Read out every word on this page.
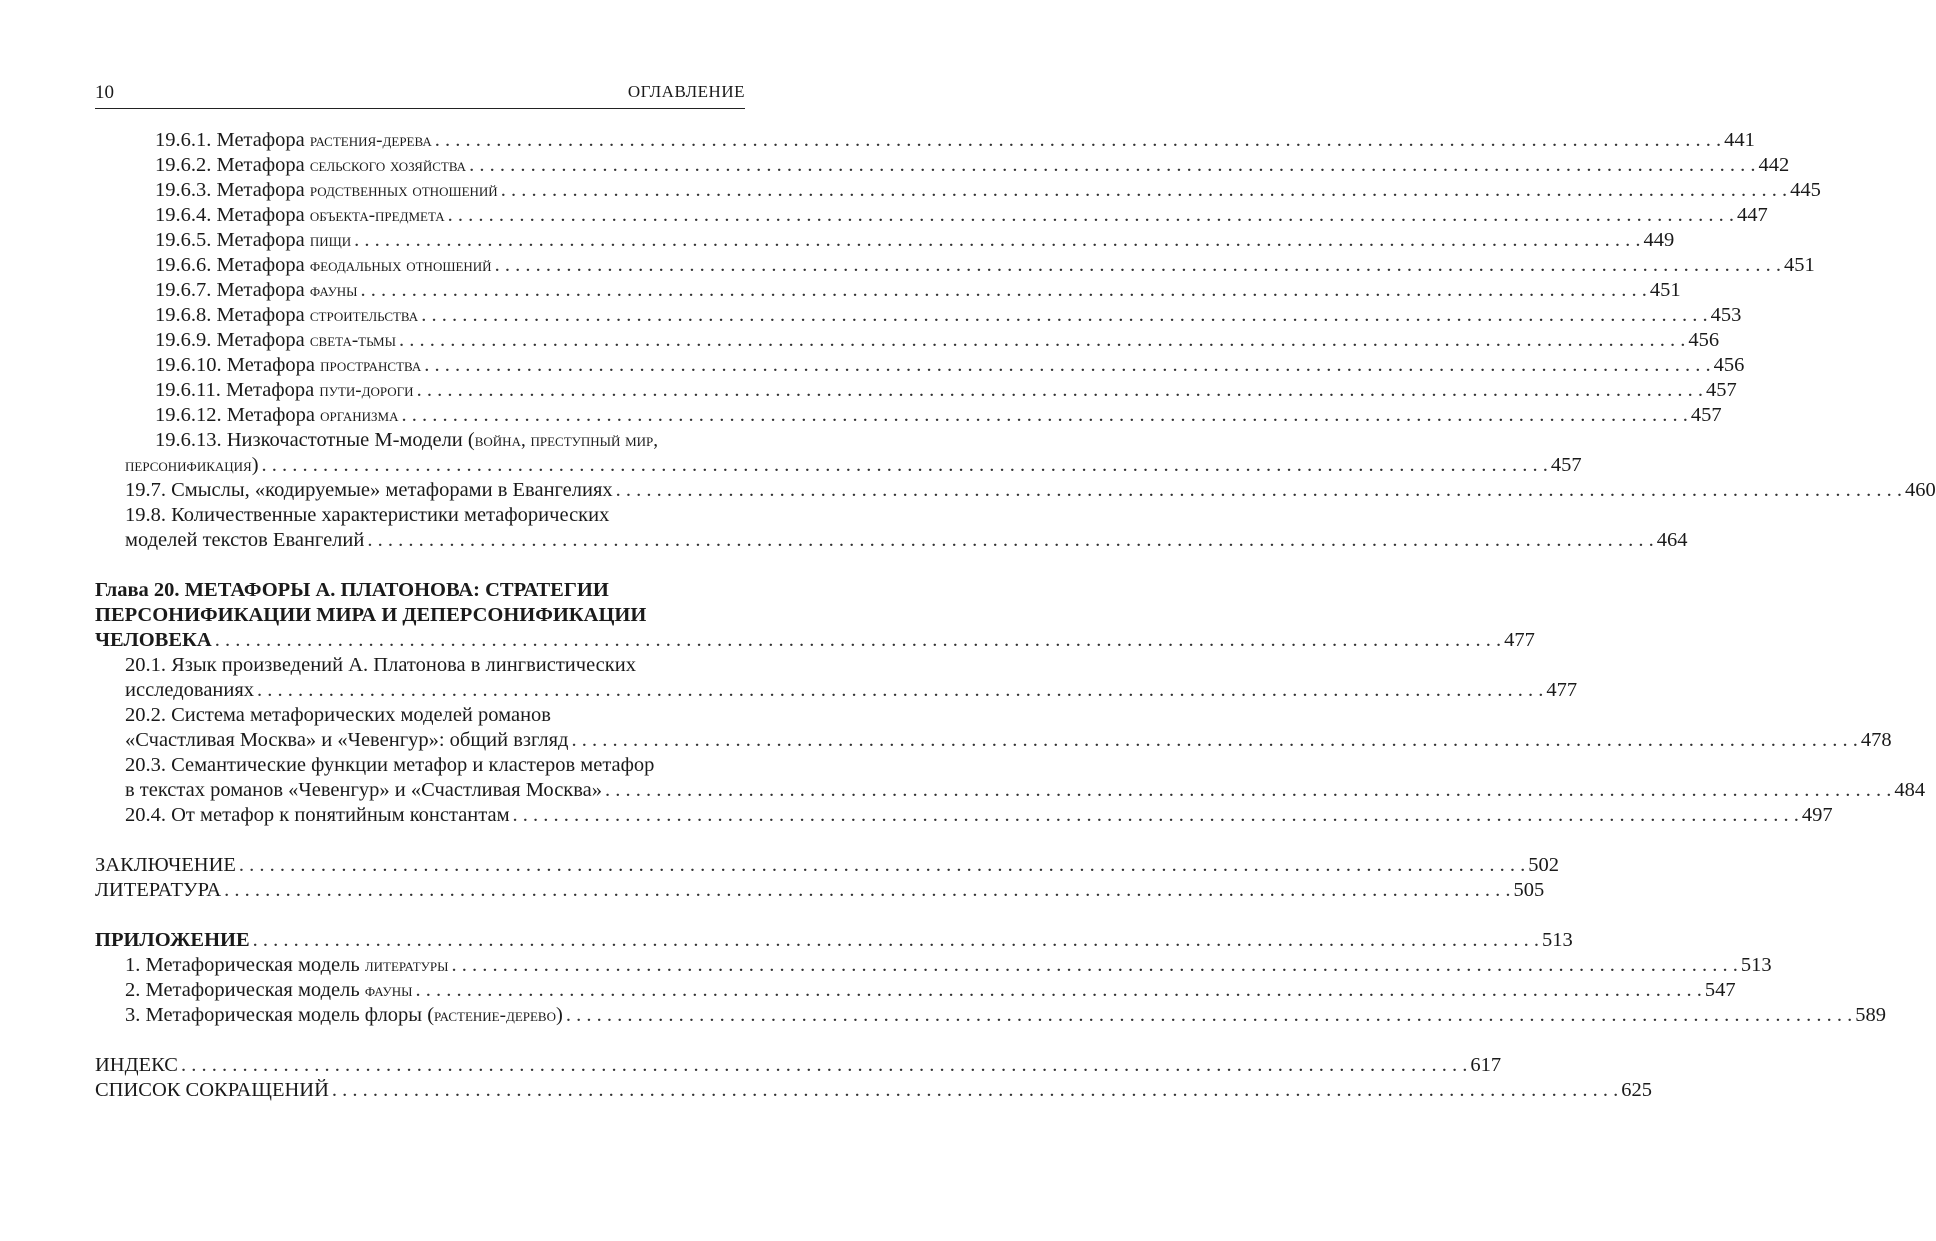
10	ОГЛАВЛЕНИЕ
19.6.1. Метафора растения-дерева . . .	441
19.6.2. Метафора сельского хозяйства . . .	442
19.6.3. Метафора родственных отношений . . .	445
19.6.4. Метафора объекта-предмета . . .	447
19.6.5. Метафора пищи . . .	449
19.6.6. Метафора феодальных отношений . . .	451
19.6.7. Метафора фауны . . .	451
19.6.8. Метафора строительства . . .	453
19.6.9. Метафора света-тьмы . . .	456
19.6.10. Метафора пространства . . .	456
19.6.11. Метафора пути-дороги . . .	457
19.6.12. Метафора организма . . .	457
19.6.13. Низкочастотные М-модели (война, преступный мир,
персонификация) . . .	457
19.7. Смыслы, «кодируемые» метафорами в Евангелиях . . .	460
19.8. Количественные характеристики метафорических
моделей текстов Евангелий . . .	464
Глава 20. МЕТАФОРЫ А. ПЛАТОНОВА: СТРАТЕГИИ
ПЕРСОНИФИКАЦИИ МИРА И ДЕПЕРСОНИФИКАЦИИ
ЧЕЛОВЕКА . . .	477
20.1. Язык произведений А. Платонова в лингвистических
исследованиях . . .	477
20.2. Система метафорических моделей романов
«Счастливая Москва» и «Чевенгур»: общий взгляд . . .	478
20.3. Семантические функции метафор и кластеров метафор
в текстах романов «Чевенгур» и «Счастливая Москва» . . .	484
20.4. От метафор к понятийным константам . . .	497
ЗАКЛЮЧЕНИЕ . . .	502
ЛИТЕРАТУРА . . .	505
ПРИЛОЖЕНИЕ . . .	513
1. Метафорическая модель литературы . . .	513
2. Метафорическая модель фауны . . .	547
3. Метафорическая модель флоры (растение-дерево) . . .	589
ИНДЕКС . . .	617
СПИСОК СОКРАЩЕНИЙ . . .	625
